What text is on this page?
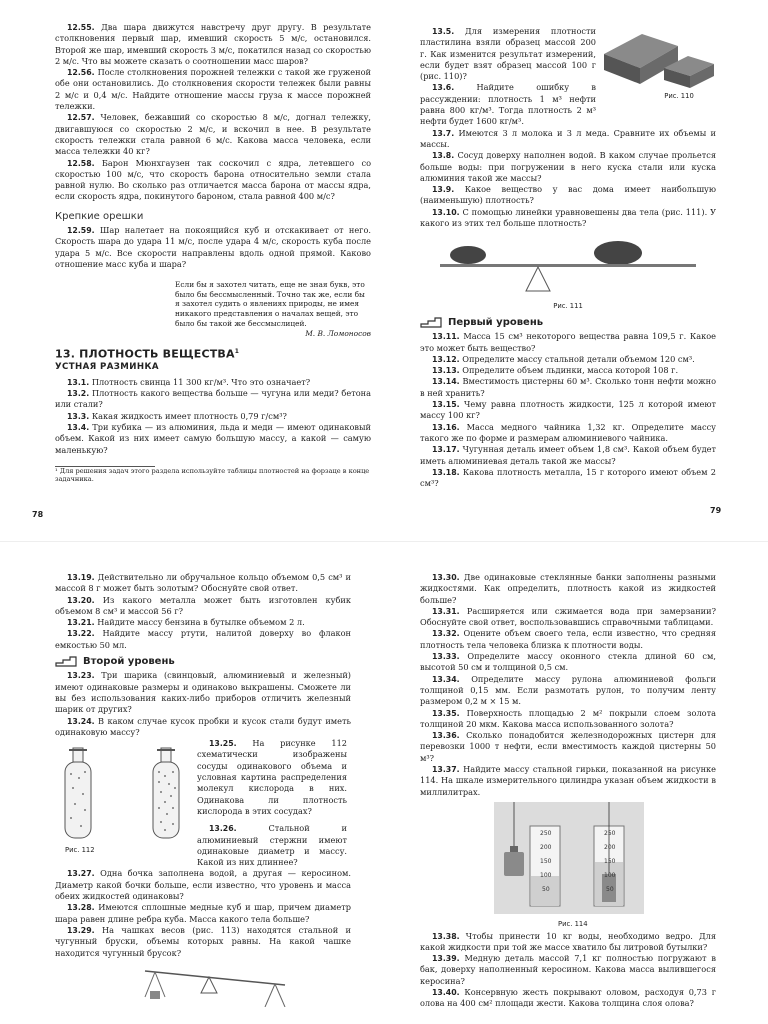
12.55. Два шара движутся навстречу друг другу. В результате столкновения первый шар, имевший скорость 5 м/с, остановился. Второй же шар, имевший скорость 3 м/с, покатился назад со скоростью 2 м/с. Что вы можете сказать о соотношении масс шаров?

12.56. После столкновения порожней тележки с такой же груженой обе они остановились. До столкновения скорости тележек были равны 2 м/с и 0,4 м/с. Найдите отношение массы груза к массе порожней тележки.

12.57. Человек, бежавший со скоростью 8 м/с, догнал тележку, двигавшуюся со скоростью 2 м/с, и вскочил в нее. В результате скорость тележки стала равной 6 м/с. Какова масса человека, если масса тележки 40 кг?

12.58. Барон Мюнхгаузен так соскочил с ядра, летевшего со скоростью 100 м/с, что скорость барона относительно земли стала равной нулю. Во сколько раз отличается масса барона от массы ядра, если скорость ядра, покинутого бароном, стала равной 400 м/с?

Крепкие орешки

12.59. Шар налетает на покоящийся куб и отскакивает от него. Скорость шара до удара 11 м/с, после удара 4 м/с, скорость куба после удара 5 м/с. Все скорости направлены вдоль одной прямой. Каково отношение масс куба и шара?

Если бы я захотел читать, еще не зная букв, это было бы бессмысленный. Точно так же, если бы я захотел судить о явлениях природы, не имея никакого представления о началах вещей, это было бы такой же бессмыслицей.
М. В. Ломоносов
13. ПЛОТНОСТЬ ВЕЩЕСТВА$^1$
УСТНАЯ РАЗМИНКА

13.1. Плотность свинца 11 300 кг/м³. Что это означает?

13.2. Плотность какого вещества больше — чугуна или меди? бетона или стали?

13.3. Какая жидкость имеет плотность 0,79 г/см³?

13.4. Три кубика — из алюминия, льда и меди — имеют одинаковый объем. Какой из них имеет самую большую массу, а какой — самую маленькую?

¹ Для решения задач этого раздела используйте таблицы плотностей на форзаце в конце задачника.
78

13.5. Для измерения плотности пластилина взяли образец массой 200 г. Как изменится результат измерений, если будет взят образец массой 100 г (рис. 110)?

13.6.	Найдите ошибку в рассуждении: плотность 1 м³ нефти равна 800 кг/м³. Тогда плотность 2 м³ нефти будет 1600 кг/м³.

Рис. 110

13.7. Имеются 3 л молока и 3 л меда. Сравните их объемы и массы.

13.8. Сосуд доверху наполнен водой. В каком случае прольется больше воды: при погружении в него куска стали или куска алюминия такой же массы?

13.9. Какое вещество у вас дома имеет наибольшую (наименьшую) плотность?

13.10. С помощью линейки уравновешены два тела (рис. 111). У какого из этих тел больше плотность?

Рис. 111
Первый уровень

13.11. Масса 15 см³ некоторого вещества равна 109,5 г. Какое это может быть вещество?

13.12. Определите массу стальной детали объемом 120 см³.

13.13. Определите объем льдинки, масса которой 108 г.

13.14. Вместимость цистерны 60 м³. Сколько тонн нефти можно в ней хранить?

13.15. Чему равна плотность жидкости, 125 л которой имеют массу 100 кг?

13.16. Масса медного чайника 1,32 кг. Определите массу такого же по форме и размерам алюминиевого чайника.

13.17. Чугунная деталь имеет объем 1,8 см³. Какой объем будет иметь алюминиевая деталь такой же массы?

13.18. Какова плотность металла, 15 г которого имеют объем 2 см³?

79

13.19. Действительно ли обручальное кольцо объемом 0,5 см³ и массой 8 г может быть золотым? Обоснуйте свой ответ.

13.20. Из какого металла может быть изготовлен кубик объемом 8 см³ и массой 56 г?

13.21. Найдите массу бензина в бутылке объемом 2 л.

13.22. Найдите массу ртути, налитой доверху во флакон емкостью 50 мл.

Второй уровень

13.23. Три шарика (свинцовый, алюминиевый и железный) имеют одинаковые размеры и одинаково выкрашены. Сможете ли вы без использования каких-либо приборов отличить железный шарик от других?

13.24. В каком случае кусок пробки и кусок стали будут иметь одинаковую массу?

Рис. 112

13.25. На рисунке 112 схематически изображены сосуды одинакового объема и условная картина распределения молекул кислорода в них. Одинакова ли плотность кислорода в этих сосудах?

13.26.	Стальной и алюминиевый стержни имеют одинаковые диаметр и массу. Какой из них длиннее?

13.27. Одна бочка заполнена водой, а другая — керосином. Диаметр какой бочки больше, если известно, что уровень и масса обеих жидкостей одинаковы?

13.28. Имеются сплошные медные куб и шар, причем диаметр шара равен длине ребра куба. Масса какого тела больше?

13.29. На чашках весов (рис. 113) находятся стальной и чугунный бруски, объемы которых равны. На какой чашке находится чугунный брусок?

13.30. Две одинаковые стеклянные банки заполнены разными жидкостями. Как определить, плотность какой из жидкостей больше?

13.31. Расширяется или сжимается вода при замерзании? Обоснуйте свой ответ, воспользовавшись справочными таблицами.

13.32. Оцените объем своего тела, если известно, что средняя плотность тела человека близка к плотности воды.

13.33. Определите массу оконного стекла длиной 60 см, высотой 50 см и толщиной 0,5 см.

13.34. Определите массу рулона алюминиевой фольги толщиной 0,15 мм. Если размотать рулон, то получим ленту размером 0,2 м × 15 м.

13.35. Поверхность площадью 2 м² покрыли слоем золота толщиной 20 мкм. Какова масса использованного золота?

13.36. Сколько понадобится железнодорожных цистерн для перевозки 1000 т нефти, если вместимость каждой цистерны 50 м³?

13.37. Найдите массу стальной гирьки, показанной на рисунке 114. На шкале измерительного цилиндра указан объем жидкости в миллилитрах.

250
200
150
100
50
250
200
150
100
50
Рис. 114

13.38. Чтобы принести 10 кг воды, необходимо ведро. Для какой жидкости при той же массе хватило бы литровой бутылки?

13.39. Медную деталь массой 7,1 кг полностью погружают в бак, доверху наполненный керосином. Какова масса вылившегося керосина?

13.40. Консервную жесть покрывают оловом, расходуя 0,73 г олова на 400 см² площади жести. Какова толщина слоя олова?
